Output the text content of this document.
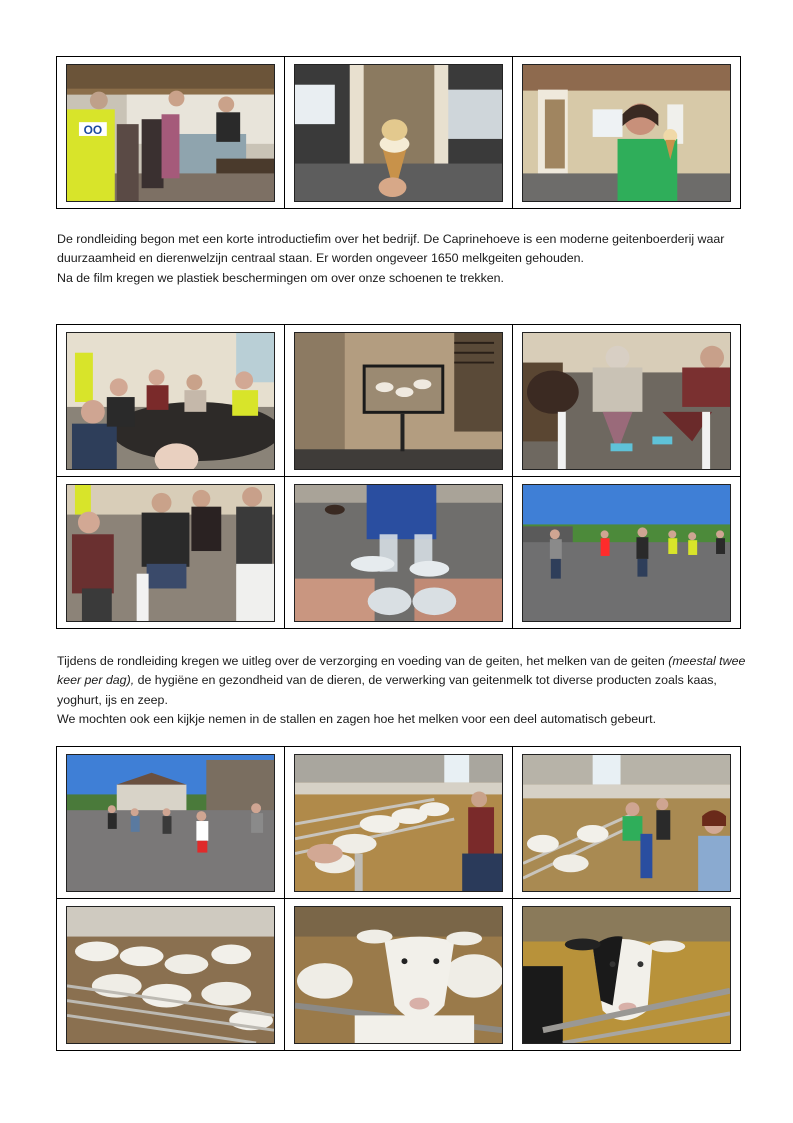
OO

De rondleiding begon met een korte introductiefim over het bedrijf. De Caprinehoeve is een moderne geitenboerderij waar duurzaamheid en dierenwelzijn centraal staan. Er worden ongeveer 1650 melkgeiten gehouden.

Na de film kregen we plastiek beschermingen om over onze schoenen te trekken.

Tijdens de rondleiding kregen we uitleg over de verzorging en voeding van de geiten, het melken van de geiten (meestal twee keer per dag), de hygiëne en gezondheid van de dieren, de verwerking van geitenmelk tot diverse producten zoals kaas, yoghurt, ijs en zeep.

We mochten ook een kijkje nemen in de stallen en zagen hoe het melken voor een deel automatisch gebeurt.
